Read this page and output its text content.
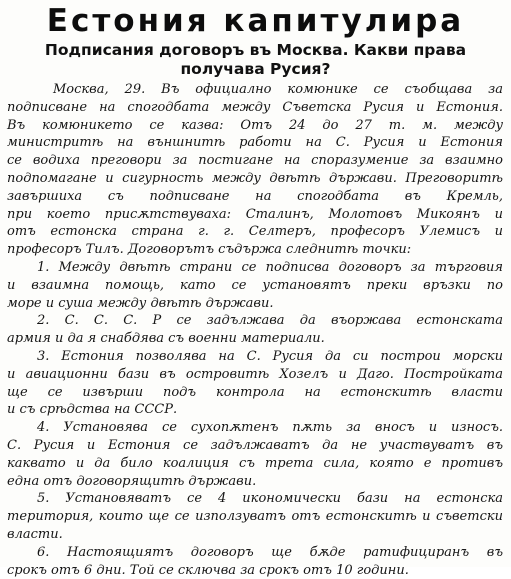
Естония капитулира
Подписания договоръ въ Москва. Какви права
получава Русия?
Москва, 29. Въ официално комюнике се съобщава за
подписване на спогодбата между Съветска Русия и Естония.
Въ комюникето се казва: Отъ 24 до 27 т. м. между
министритѣ на външнитѣ работи на С. Русия и Естония
се водиха преговори за постигане на споразумение за взаимно
подпомагане и сигурность между двѣтѣ държави. Преговоритѣ
завършиха съ подписване на спогодбата въ Кремль,
при което присѫтствуваха: Сталинъ, Молотовъ Микоянъ и
отъ естонска страна г. г. Селтеръ, професоръ Улемисъ и
професоръ Тилъ. Договорътъ съдържа следнитѣ точки:
1. Между двѣтѣ страни се подписва договоръ за търговия
и взаимна помощь, като се установятъ преки връзки по
море и суша между двѣтѣ държави.
2. С. С. С. Р се задължава да въоржава естонската
армия и да я снабдява съ военни материали.
3. Естония позволява на С. Русия да си построи морски
и авиационни бази въ островитѣ Хозелъ и Даго. Постройката
ще се извърши подъ контрола на естонскитѣ власти
и съ срѣдства на СССР.
4. Установява се сухопѫтенъ пѫть за вносъ и износъ.
С. Русия и Естония се задължаватъ да не участвуватъ въ
каквато и да било коалиция съ трета сила, която е противъ
една отъ договорящитѣ държави.
5. Установяватъ се 4 икономически бази на естонска
територия, които ще се използуватъ отъ естонскитѣ и съветски
власти.
6. Настоящиятъ договоръ ще бѫде ратифициранъ въ
срокъ отъ 6 дни. Той се сключва за срокъ отъ 10 години.
